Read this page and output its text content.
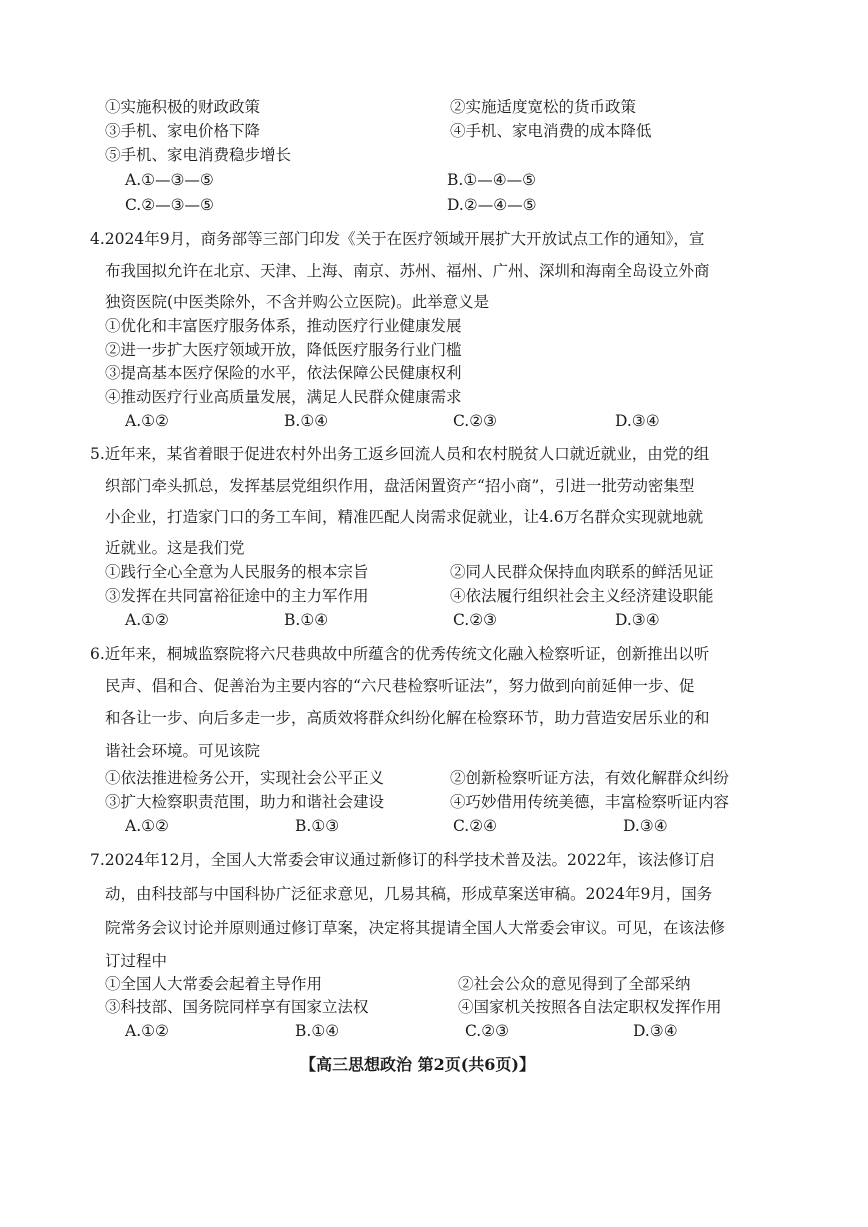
①实施积极的财政政策	②实施适度宽松的货币政策
③手机、家电价格下降	④手机、家电消费的成本降低
⑤手机、家电消费稳步增长
A.①—③—⑤	B.①—④—⑤
C.②—③—⑤	D.②—④—⑤
4.2024年9月，商务部等三部门印发《关于在医疗领域开展扩大开放试点工作的通知》，宣
布我国拟允许在北京、天津、上海、南京、苏州、福州、广州、深圳和海南全岛设立外商
独资医院(中医类除外，不含并购公立医院)。此举意义是
①优化和丰富医疗服务体系，推动医疗行业健康发展
②进一步扩大医疗领域开放，降低医疗服务行业门槛
③提高基本医疗保险的水平，依法保障公民健康权利
④推动医疗行业高质量发展，满足人民群众健康需求
A.①②	B.①④	C.②③	D.③④
5.近年来，某省着眼于促进农村外出务工返乡回流人员和农村脱贫人口就近就业，由党的组
织部门牵头抓总，发挥基层党组织作用，盘活闲置资产“招小商”，引进一批劳动密集型
小企业，打造家门口的务工车间，精准匹配人岗需求促就业，让4.6万名群众实现就地就
近就业。这是我们党
①践行全心全意为人民服务的根本宗旨	②同人民群众保持血肉联系的鲜活见证
③发挥在共同富裕征途中的主力军作用	④依法履行组织社会主义经济建设职能
A.①②	B.①④	C.②③	D.③④
6.近年来，桐城监察院将六尺巷典故中所蕴含的优秀传统文化融入检察听证，创新推出以听
民声、倡和合、促善治为主要内容的“六尺巷检察听证法”，努力做到向前延伸一步、促
和各让一步、向后多走一步，高质效将群众纠纷化解在检察环节，助力营造安居乐业的和
谐社会环境。可见该院
①依法推进检务公开，实现社会公平正义	②创新检察听证方法，有效化解群众纠纷
③扩大检察职责范围，助力和谐社会建设	④巧妙借用传统美德，丰富检察听证内容
A.①②	B.①③	C.②④	D.③④
7.2024年12月，全国人大常委会审议通过新修订的科学技术普及法。2022年，该法修订启
动，由科技部与中国科协广泛征求意见，几易其稿，形成草案送审稿。2024年9月，国务
院常务会议讨论并原则通过修订草案，决定将其提请全国人大常委会审议。可见，在该法修
订过程中
①全国人大常委会起着主导作用	②社会公众的意见得到了全部采纳
③科技部、国务院同样享有国家立法权	④国家机关按照各自法定职权发挥作用
A.①②	B.①④	C.②③	D.③④
【高三思想政治 第2页(共6页)】
